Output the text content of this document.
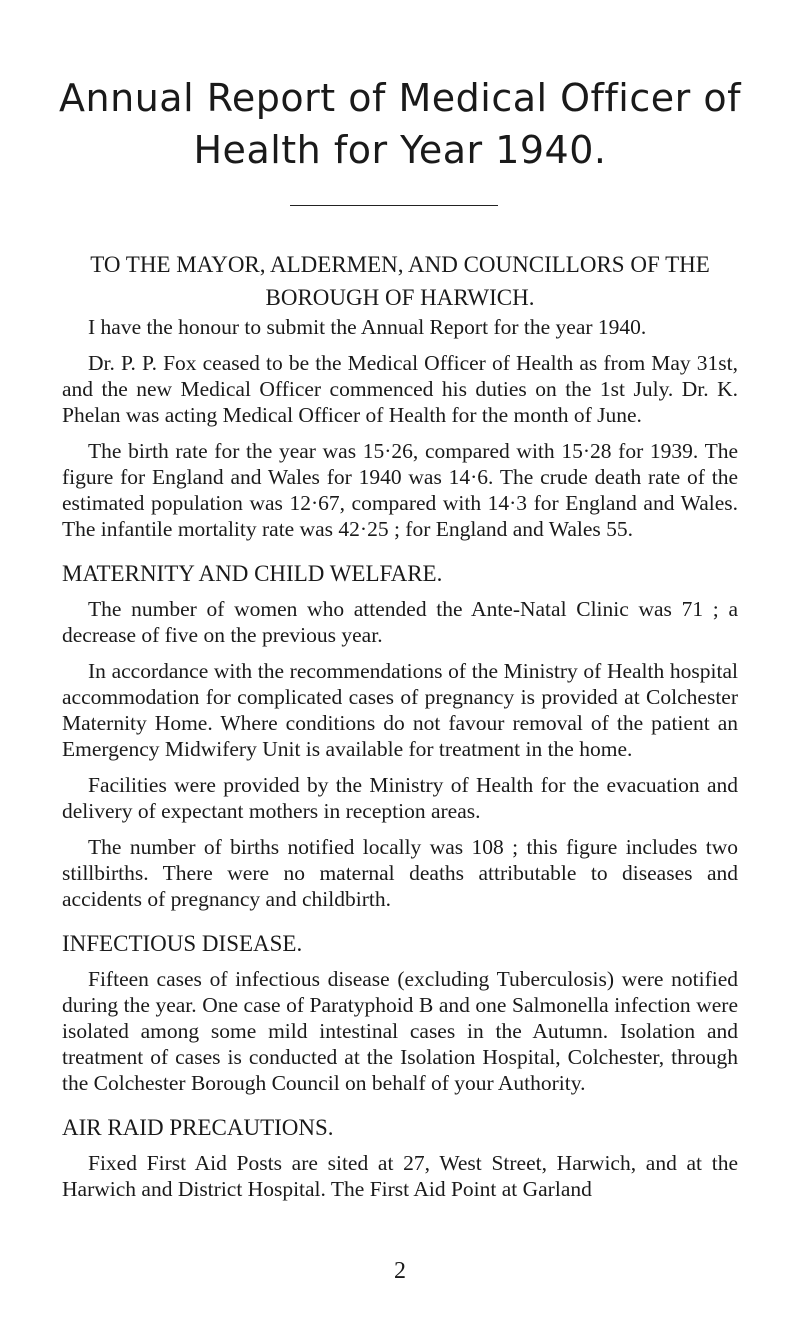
Annual Report of Medical Officer of Health for Year 1940.
TO THE MAYOR, ALDERMEN, AND COUNCILLORS OF THE BOROUGH OF HARWICH.

I have the honour to submit the Annual Report for the year 1940.

Dr. P. P. Fox ceased to be the Medical Officer of Health as from May 31st, and the new Medical Officer commenced his duties on the 1st July. Dr. K. Phelan was acting Medical Officer of Health for the month of June.

The birth rate for the year was 15·26, compared with 15·28 for 1939. The figure for England and Wales for 1940 was 14·6. The crude death rate of the estimated population was 12·67, compared with 14·3 for England and Wales. The infantile mortality rate was 42·25 ; for England and Wales 55.

MATERNITY AND CHILD WELFARE.

The number of women who attended the Ante-Natal Clinic was 71 ; a decrease of five on the previous year.

In accordance with the recommendations of the Ministry of Health hospital accommodation for complicated cases of pregnancy is provided at Colchester Maternity Home. Where conditions do not favour removal of the patient an Emergency Midwifery Unit is available for treatment in the home.

Facilities were provided by the Ministry of Health for the evacuation and delivery of expectant mothers in reception areas.

The number of births notified locally was 108 ; this figure includes two stillbirths. There were no maternal deaths attributable to diseases and accidents of pregnancy and childbirth.

INFECTIOUS DISEASE.

Fifteen cases of infectious disease (excluding Tuberculosis) were notified during the year. One case of Paratyphoid B and one Salmonella infection were isolated among some mild intestinal cases in the Autumn. Isolation and treatment of cases is conducted at the Isolation Hospital, Colchester, through the Colchester Borough Council on behalf of your Authority.

AIR RAID PRECAUTIONS.

Fixed First Aid Posts are sited at 27, West Street, Harwich, and at the Harwich and District Hospital. The First Aid Point at Garland

2
